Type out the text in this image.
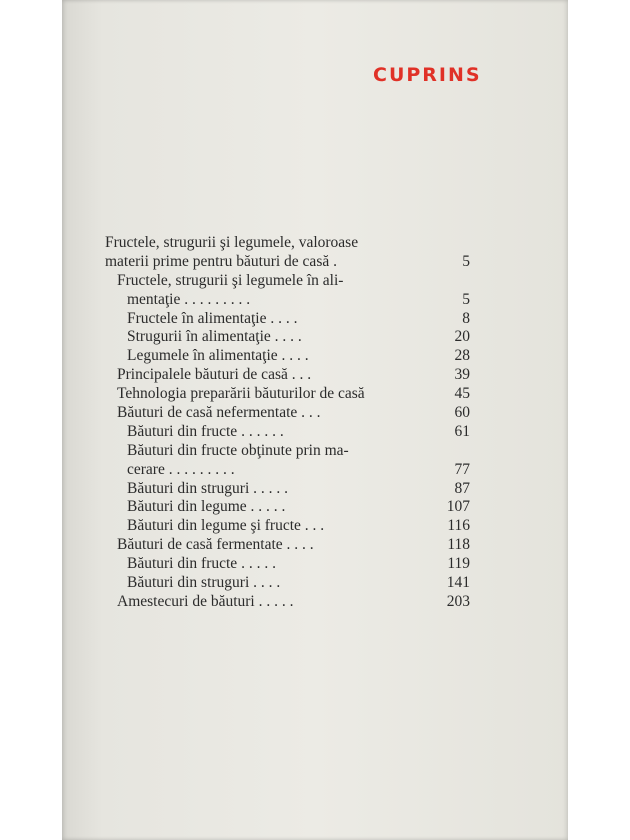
CUPRINS
Fructele, strugurii şi legumele, valoroase
materii prime pentru băuturi de casă .	5
Fructele, strugurii şi legumele în ali-
mentaţie . . . . . . . . .	5
Fructele în alimentaţie . . . .	8
Strugurii în alimentaţie . . . .	20
Legumele în alimentaţie . . . .	28
Principalele băuturi de casă . . .	39
Tehnologia preparării băuturilor de casă	45
Băuturi de casă nefermentate . . .	60
Băuturi din fructe . . . . . .	61
Băuturi din fructe obţinute prin ma-
cerare . . . . . . . . .	77
Băuturi din struguri . . . . .	87
Băuturi din legume . . . . .	107
Băuturi din legume şi fructe . . .	116
Băuturi de casă fermentate . . . .	118
Băuturi din fructe . . . . .	119
Băuturi din struguri . . . .	141
Amestecuri de băuturi . . . . .	203
